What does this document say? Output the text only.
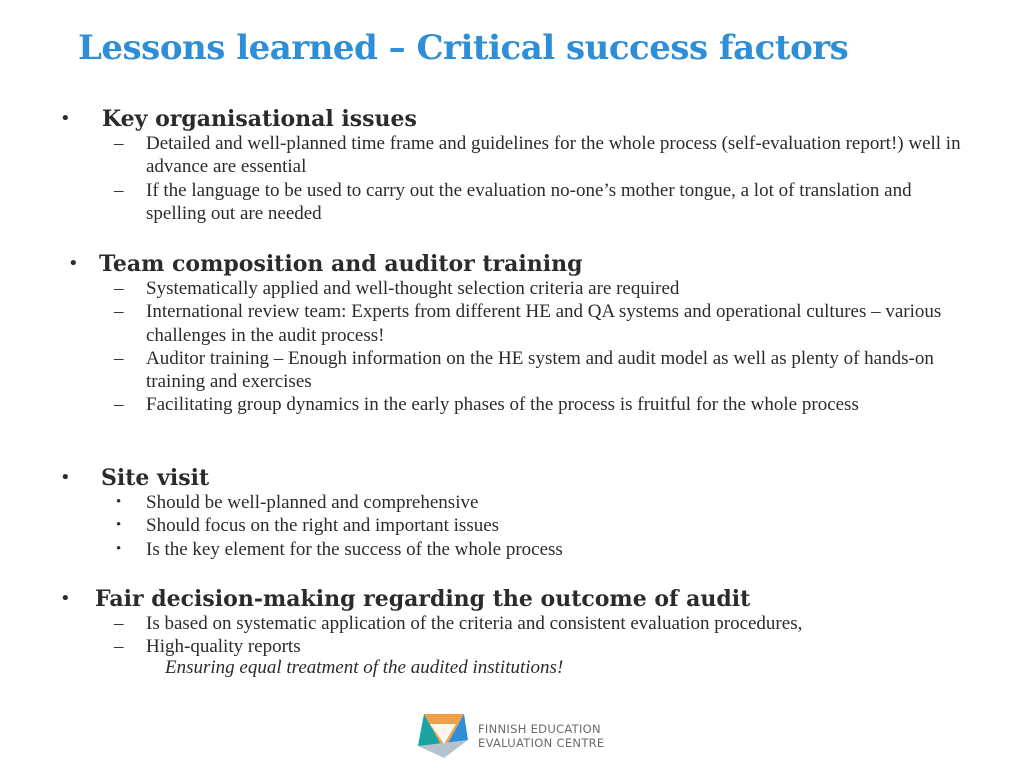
Lessons learned – Critical success factors
• Key organisational issues
– Detailed and well-planned time frame and guidelines for the whole process (self-evaluation report!) well in advance are essential
– If the language to be used to carry out the evaluation no-one’s mother tongue, a lot of translation and spelling out are needed
• Team composition and auditor training
– Systematically applied and well-thought selection criteria are required
– International review team: Experts from different HE and QA systems and operational cultures – various challenges in the audit process!
– Auditor training – Enough information on the HE system and audit model as well as plenty of hands-on training and exercises
– Facilitating group dynamics in the early phases of the process is fruitful for the whole process
• Site visit
• Should be well-planned and comprehensive
• Should focus on the right and important issues
• Is the key element for the success of the whole process
• Fair decision-making regarding the outcome of audit
– Is based on systematic application of the criteria and consistent evaluation procedures,
– High-quality reports
Ensuring equal treatment of the audited institutions!
FINNISH EDUCATION
EVALUATION CENTRE
